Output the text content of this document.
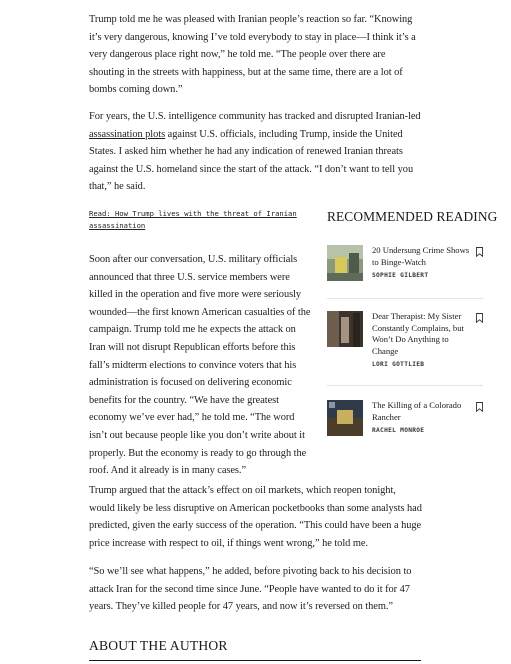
Trump told me he was pleased with Iranian people’s reaction so far. “Knowing it’s very dangerous, knowing I’ve told everybody to stay in place—I think it’s a very dangerous place right now,” he told me. “The people over there are shouting in the streets with happiness, but at the same time, there are a lot of bombs coming down.”

For years, the U.S. intelligence community has tracked and disrupted Iranian-led assassination plots against U.S. officials, including Trump, inside the United States. I asked him whether he had any indication of renewed Iranian threats against the U.S. homeland since the start of the attack. “I don’t want to tell you that,” he said.

Read: How Trump lives with the threat of Iranian assassination

Soon after our conversation, U.S. military officials announced that three U.S. service members were killed in the operation and five more were seriously wounded—the first known American casualties of the campaign. Trump told me he expects the attack on Iran will not disrupt Republican efforts before this fall’s midterm elections to convince voters that his administration is focused on delivering economic benefits for the country. “We have the greatest economy we’ve ever had,” he told me. “The word isn’t out because people like you don’t write about it properly. But the economy is ready to go through the roof. And it already is in many cases.”

Trump argued that the attack’s effect on oil markets, which reopen tonight, would likely be less disruptive on American pocketbooks than some analysts had predicted, given the early success of the operation. “This could have been a huge price increase with respect to oil, if things went wrong,” he told me.

“So we’ll see what happens,” he added, before pivoting back to his decision to attack Iran for the second time since June. “People have wanted to do it for 47 years. They’ve killed people for 47 years, and now it’s reversed on them.”

ABOUT THE AUTHOR
RECOMMENDED READING
20 Undersung Crime Shows to Binge-Watch
SOPHIE GILBERT
Dear Therapist: My Sister Constantly Complains, but Won’t Do Anything to Change
LORI GOTTLIEB
The Killing of a Colorado Rancher
RACHEL MONROE
